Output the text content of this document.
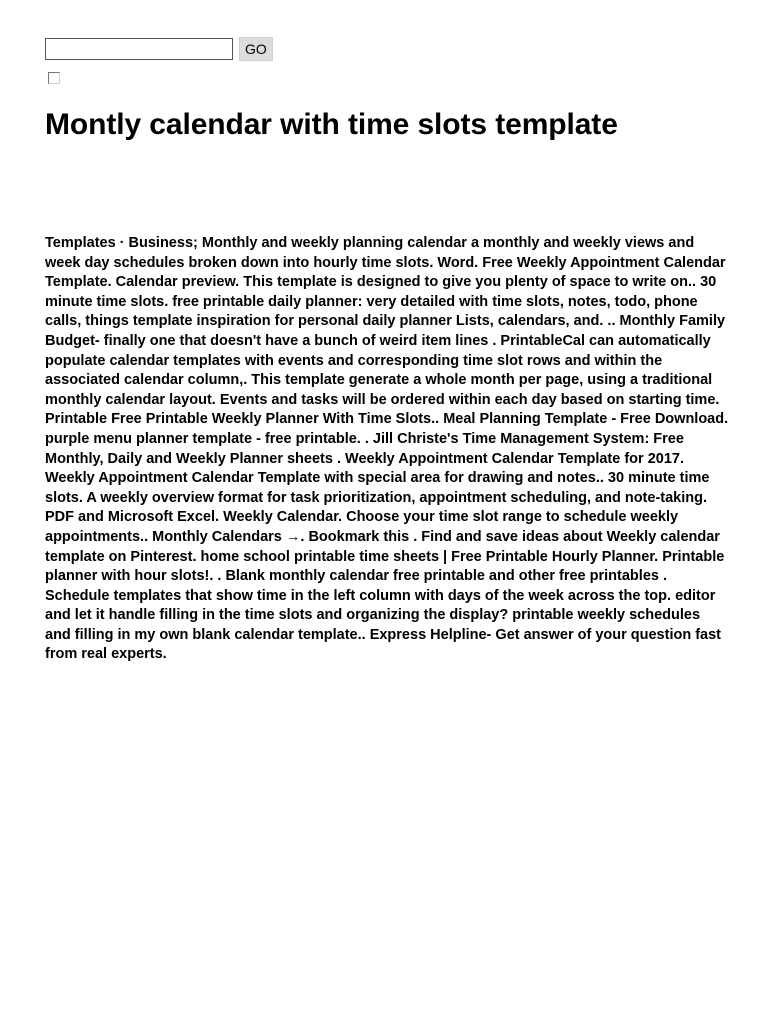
GO
Montly calendar with time slots template

Templates · Business; Monthly and weekly planning calendar a monthly and weekly views and week day schedules broken down into hourly time slots. Word. Free Weekly Appointment Calendar Template. Calendar preview. This template is designed to give you plenty of space to write on.. 30 minute time slots. free printable daily planner: very detailed with time slots, notes, todo, phone calls, things template inspiration for personal daily planner Lists, calendars, and. .. Monthly Family Budget- finally one that doesn't have a bunch of weird item lines . PrintableCal can automatically populate calendar templates with events and corresponding time slot rows and within the associated calendar column,. This template generate a whole month per page, using a traditional monthly calendar layout. Events and tasks will be ordered within each day based on starting time. Printable Free Printable Weekly Planner With Time Slots.. Meal Planning Template - Free Download. purple menu planner template - free printable. . Jill Christe's Time Management System: Free Monthly, Daily and Weekly Planner sheets . Weekly Appointment Calendar Template for 2017. Weekly Appointment Calendar Template with special area for drawing and notes.. 30 minute time slots. A weekly overview format for task prioritization, appointment scheduling, and note-taking. PDF and Microsoft Excel. Weekly Calendar. Choose your time slot range to schedule weekly appointments.. Monthly Calendars →. Bookmark this . Find and save ideas about Weekly calendar template on Pinterest. home school printable time sheets | Free Printable Hourly Planner. Printable planner with hour slots!. . Blank monthly calendar free printable and other free printables . Schedule templates that show time in the left column with days of the week across the top. editor and let it handle filling in the time slots and organizing the display? printable weekly schedules and filling in my own blank calendar template.. Express Helpline- Get answer of your question fast from real experts.
